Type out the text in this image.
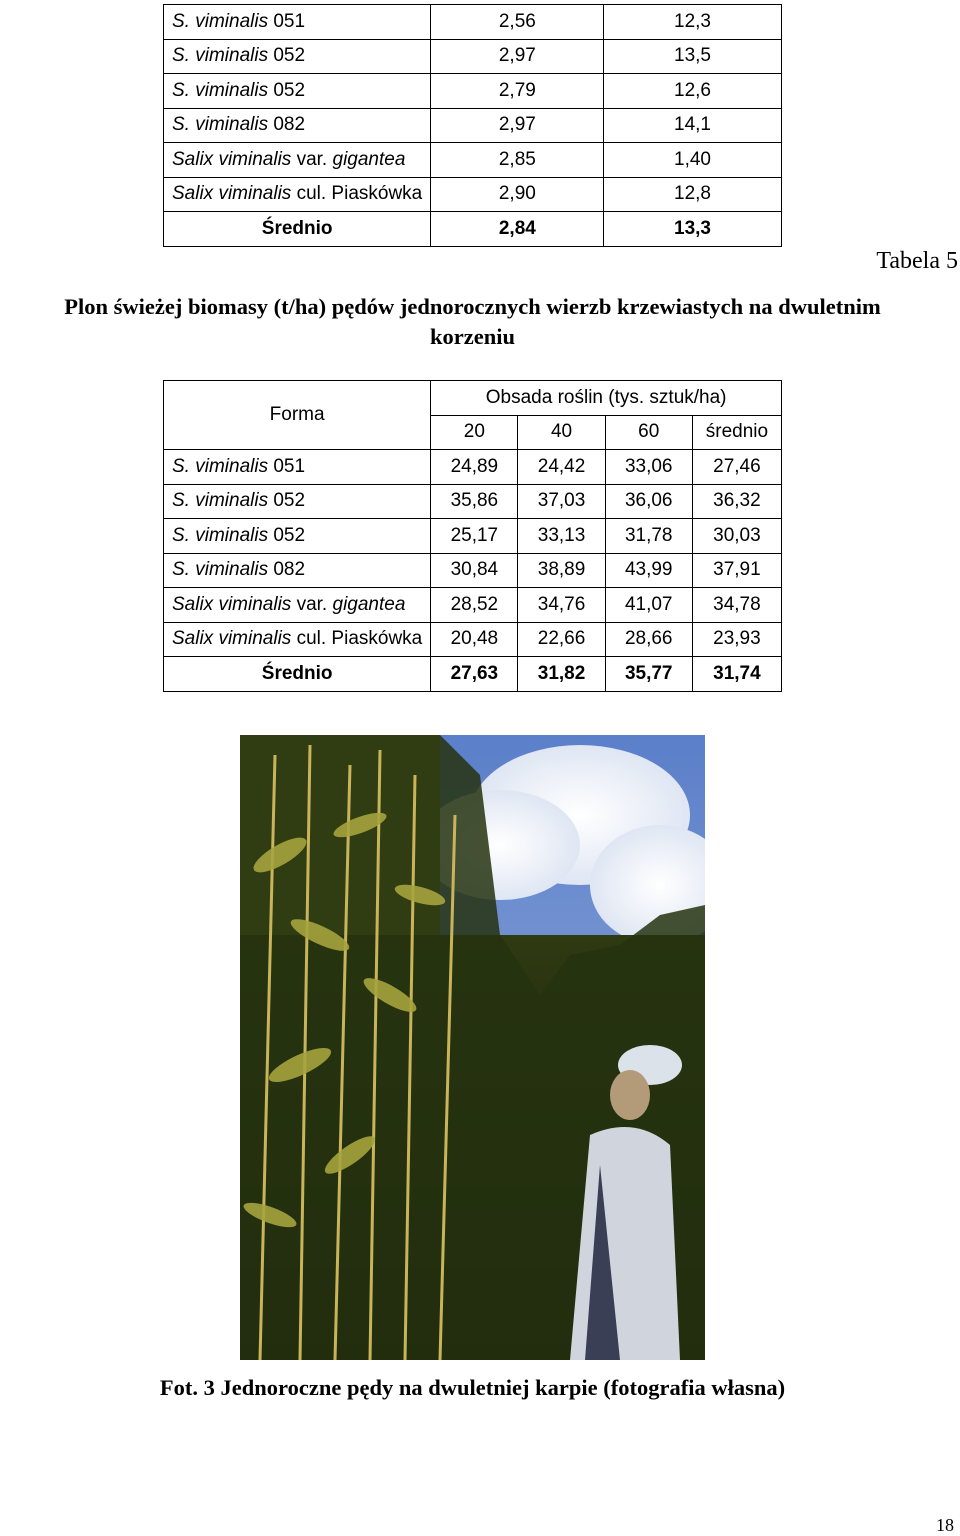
S. viminalis 051	2,56	12,3
S. viminalis 052	2,97	13,5
S. viminalis 052	2,79	12,6
S. viminalis 082	2,97	14,1
Salix viminalis var. gigantea	2,85	1,40
Salix viminalis cul. Piaskówka	2,90	12,8
Średnio	2,84	13,3
Tabela 5
Plon świeżej biomasy (t/ha) pędów jednorocznych wierzb krzewiastych na dwuletnim
korzeniu
Forma	Obsada roślin (tys. sztuk/ha)			
	20	40	60	średnio
S. viminalis 051	24,89	24,42	33,06	27,46
S. viminalis 052	35,86	37,03	36,06	36,32
S. viminalis 052	25,17	33,13	31,78	30,03
S. viminalis 082	30,84	38,89	43,99	37,91
Salix viminalis var. gigantea	28,52	34,76	41,07	34,78
Salix viminalis cul. Piaskówka	20,48	22,66	28,66	23,93
Średnio	27,63	31,82	35,77	31,74
Fot. 3 Jednoroczne pędy na dwuletniej karpie (fotografia własna)
18
